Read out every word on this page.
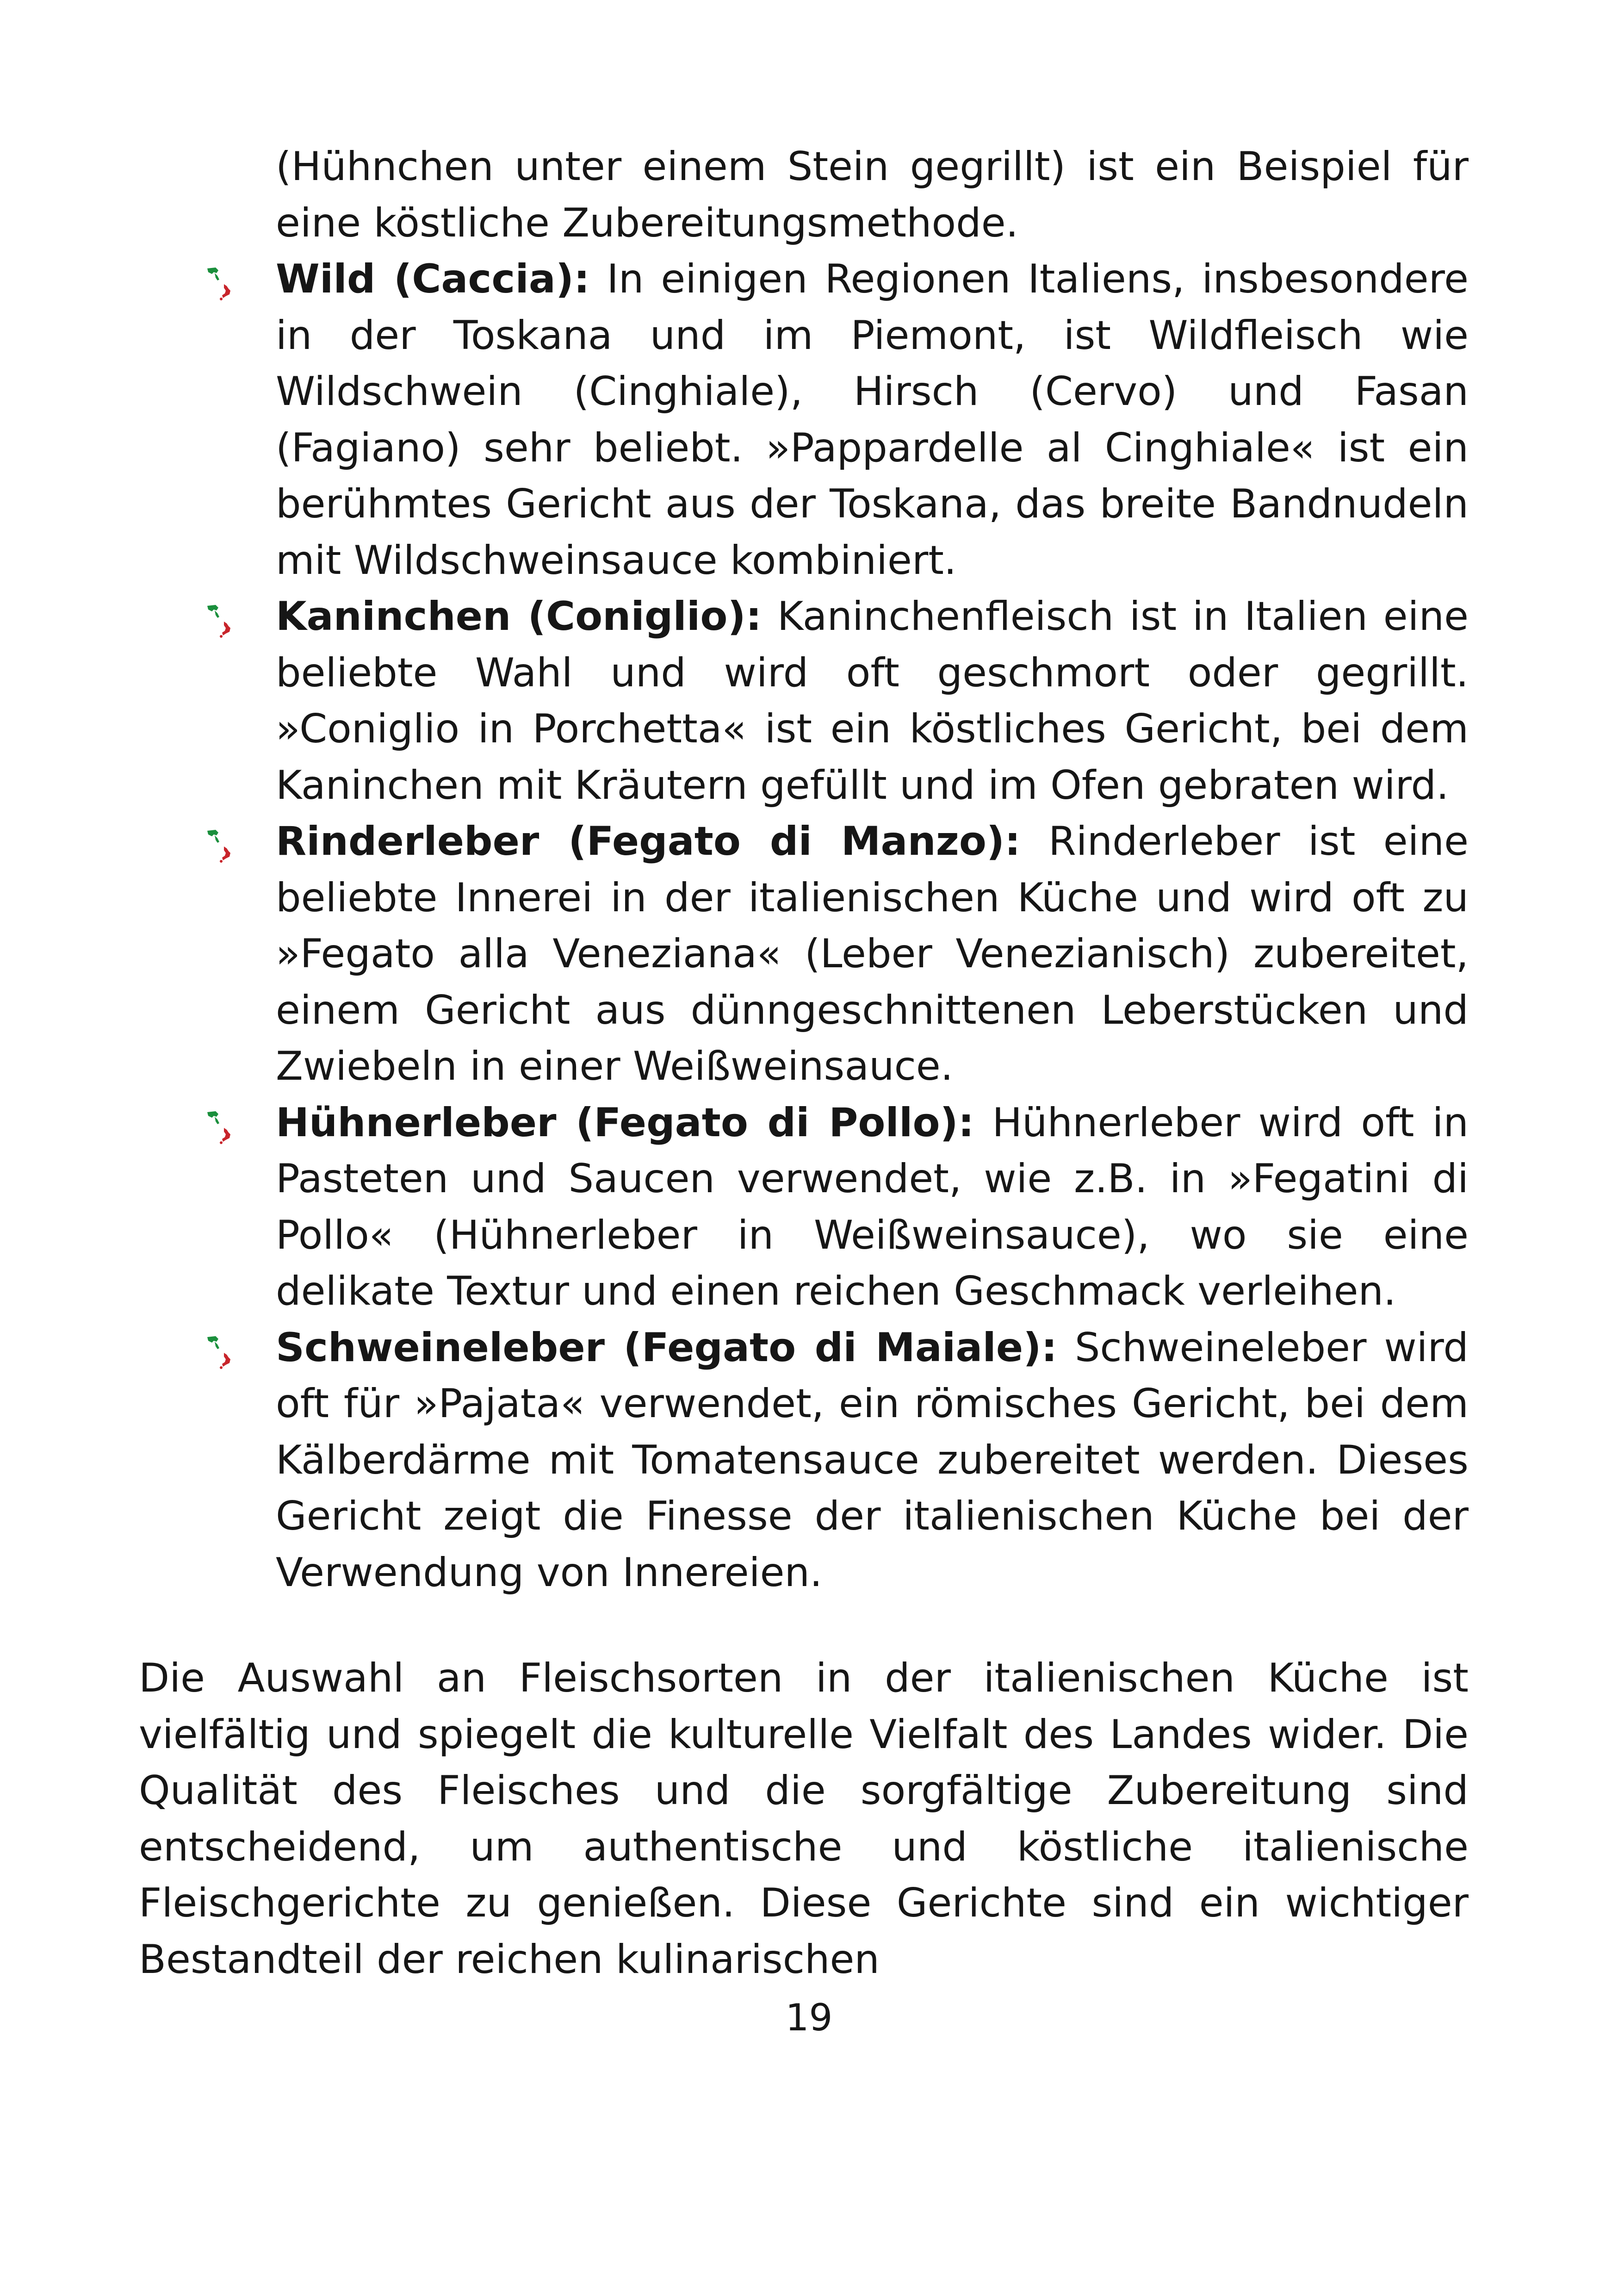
(Hühnchen unter einem Stein gegrillt) ist ein Beispiel für eine köstliche Zubereitungsmethode.

Wild (Caccia): In einigen Regionen Italiens, insbesondere in der Toskana und im Piemont, ist Wildfleisch wie Wildschwein (Cinghiale), Hirsch (Cervo) und Fasan (Fagiano) sehr beliebt. »Pappardelle al Cinghiale« ist ein berühmtes Gericht aus der Toskana, das breite Bandnudeln mit Wildschweinsauce kombiniert.
Kaninchen (Coniglio): Kaninchenfleisch ist in Italien eine beliebte Wahl und wird oft geschmort oder gegrillt. »Coniglio in Porchetta« ist ein köstliches Gericht, bei dem Kaninchen mit Kräutern gefüllt und im Ofen gebraten wird.
Rinderleber (Fegato di Manzo): Rinderleber ist eine beliebte Innerei in der italienischen Küche und wird oft zu »Fegato alla Veneziana« (Leber Venezianisch) zubereitet, einem Gericht aus dünngeschnittenen Leberstücken und Zwiebeln in einer Weißweinsauce.
Hühnerleber (Fegato di Pollo): Hühnerleber wird oft in Pasteten und Saucen verwendet, wie z.B. in »Fegatini di Pollo« (Hühnerleber in Weißweinsauce), wo sie eine delikate Textur und einen reichen Geschmack verleihen.
Schweineleber (Fegato di Maiale): Schweineleber wird oft für »Pajata« verwendet, ein römisches Gericht, bei dem Kälberdärme mit Tomatensauce zubereitet werden. Dieses Gericht zeigt die Finesse der italienischen Küche bei der Verwendung von Innereien.

Die Auswahl an Fleischsorten in der italienischen Küche ist vielfältig und spiegelt die kulturelle Vielfalt des Landes wider. Die Qualität des Fleisches und die sorgfältige Zubereitung sind entscheidend, um authentische und köstliche italienische Fleischgerichte zu genießen. Diese Gerichte sind ein wichtiger Bestandteil der reichen kulinarischen

19
